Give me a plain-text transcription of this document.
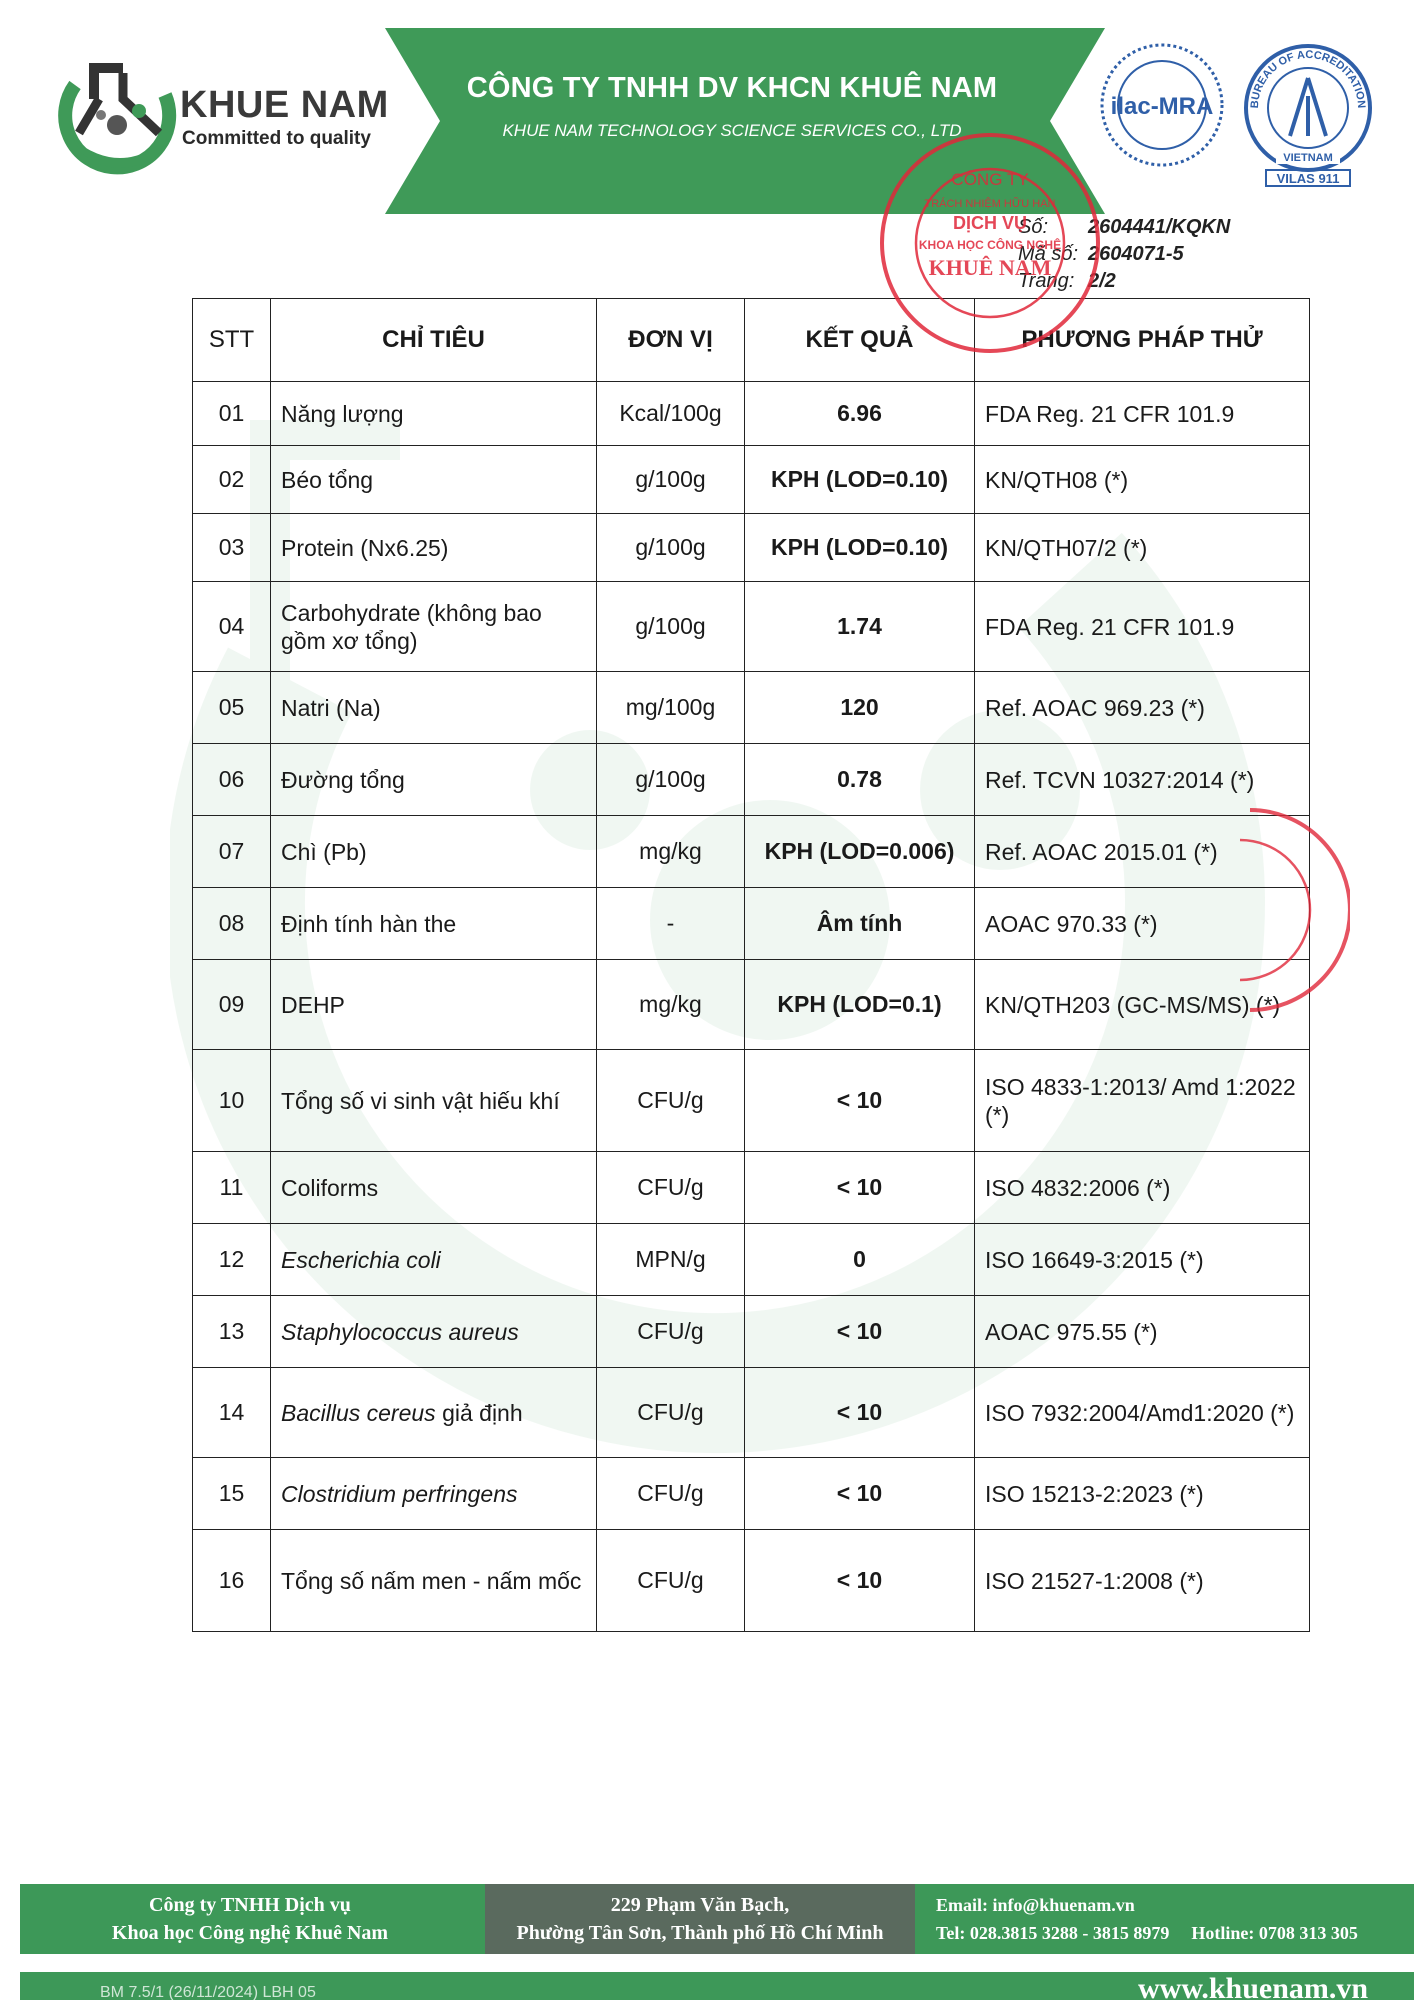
CÔNG TY TNHH DV KHCN KHUÊ NAM
KHUE NAM TECHNOLOGY SCIENCE SERVICES CO., LTD
KHUE NAM
Committed to quality
ilac-MRA	BUREAU OF ACCREDITATION
VIETNAM
VILAS 911
Số: 2604441/KQKN
Mã số: 2604071-5
Trang: 2/2
STT	CHỈ TIÊU	ĐƠN VỊ	KẾT QUẢ	PHƯƠNG PHÁP THỬ
01	Năng lượng	Kcal/100g	6.96	FDA Reg. 21 CFR 101.9
02	Béo tổng	g/100g	KPH (LOD=0.10)	KN/QTH08 (*)
03	Protein (Nx6.25)	g/100g	KPH (LOD=0.10)	KN/QTH07/2 (*)
04	Carbohydrate (không bao gồm xơ tổng)	g/100g	1.74	FDA Reg. 21 CFR 101.9
05	Natri (Na)	mg/100g	120	Ref. AOAC 969.23 (*)
06	Đường tổng	g/100g	0.78	Ref. TCVN 10327:2014 (*)
07	Chì (Pb)	mg/kg	KPH (LOD=0.006)	Ref. AOAC 2015.01 (*)
08	Định tính hàn the	-	Âm tính	AOAC 970.33 (*)
09	DEHP	mg/kg	KPH (LOD=0.1)	KN/QTH203 (GC-MS/MS) (*)
10	Tổng số vi sinh vật hiếu khí	CFU/g	< 10	ISO 4833-1:2013/ Amd 1:2022 (*)
11	Coliforms	CFU/g	< 10	ISO 4832:2006 (*)
12	Escherichia coli	MPN/g	0	ISO 16649-3:2015 (*)
13	Staphylococcus aureus	CFU/g	< 10	AOAC 975.55 (*)
14	Bacillus cereus giả định	CFU/g	< 10	ISO 7932:2004/Amd1:2020 (*)
15	Clostridium perfringens	CFU/g	< 10	ISO 15213-2:2023 (*)
16	Tổng số nấm men - nấm mốc	CFU/g	< 10	ISO 21527-1:2008 (*)
CÔNG TY
TRÁCH NHIỆM HỮU HẠN
DỊCH VỤ
KHOA HỌC CÔNG NGHỆ
KHUÊ NAM
Công ty TNHH Dịch vụ
Khoa học Công nghệ Khuê Nam
229 Phạm Văn Bạch,
Phường Tân Sơn, Thành phố Hồ Chí Minh
Email: info@khuenam.vn
Tel: 028.3815 3288 - 3815 8979 Hotline: 0708 313 305
BM 7.5/1 (26/11/2024) LBH 05	www.khuenam.vn
